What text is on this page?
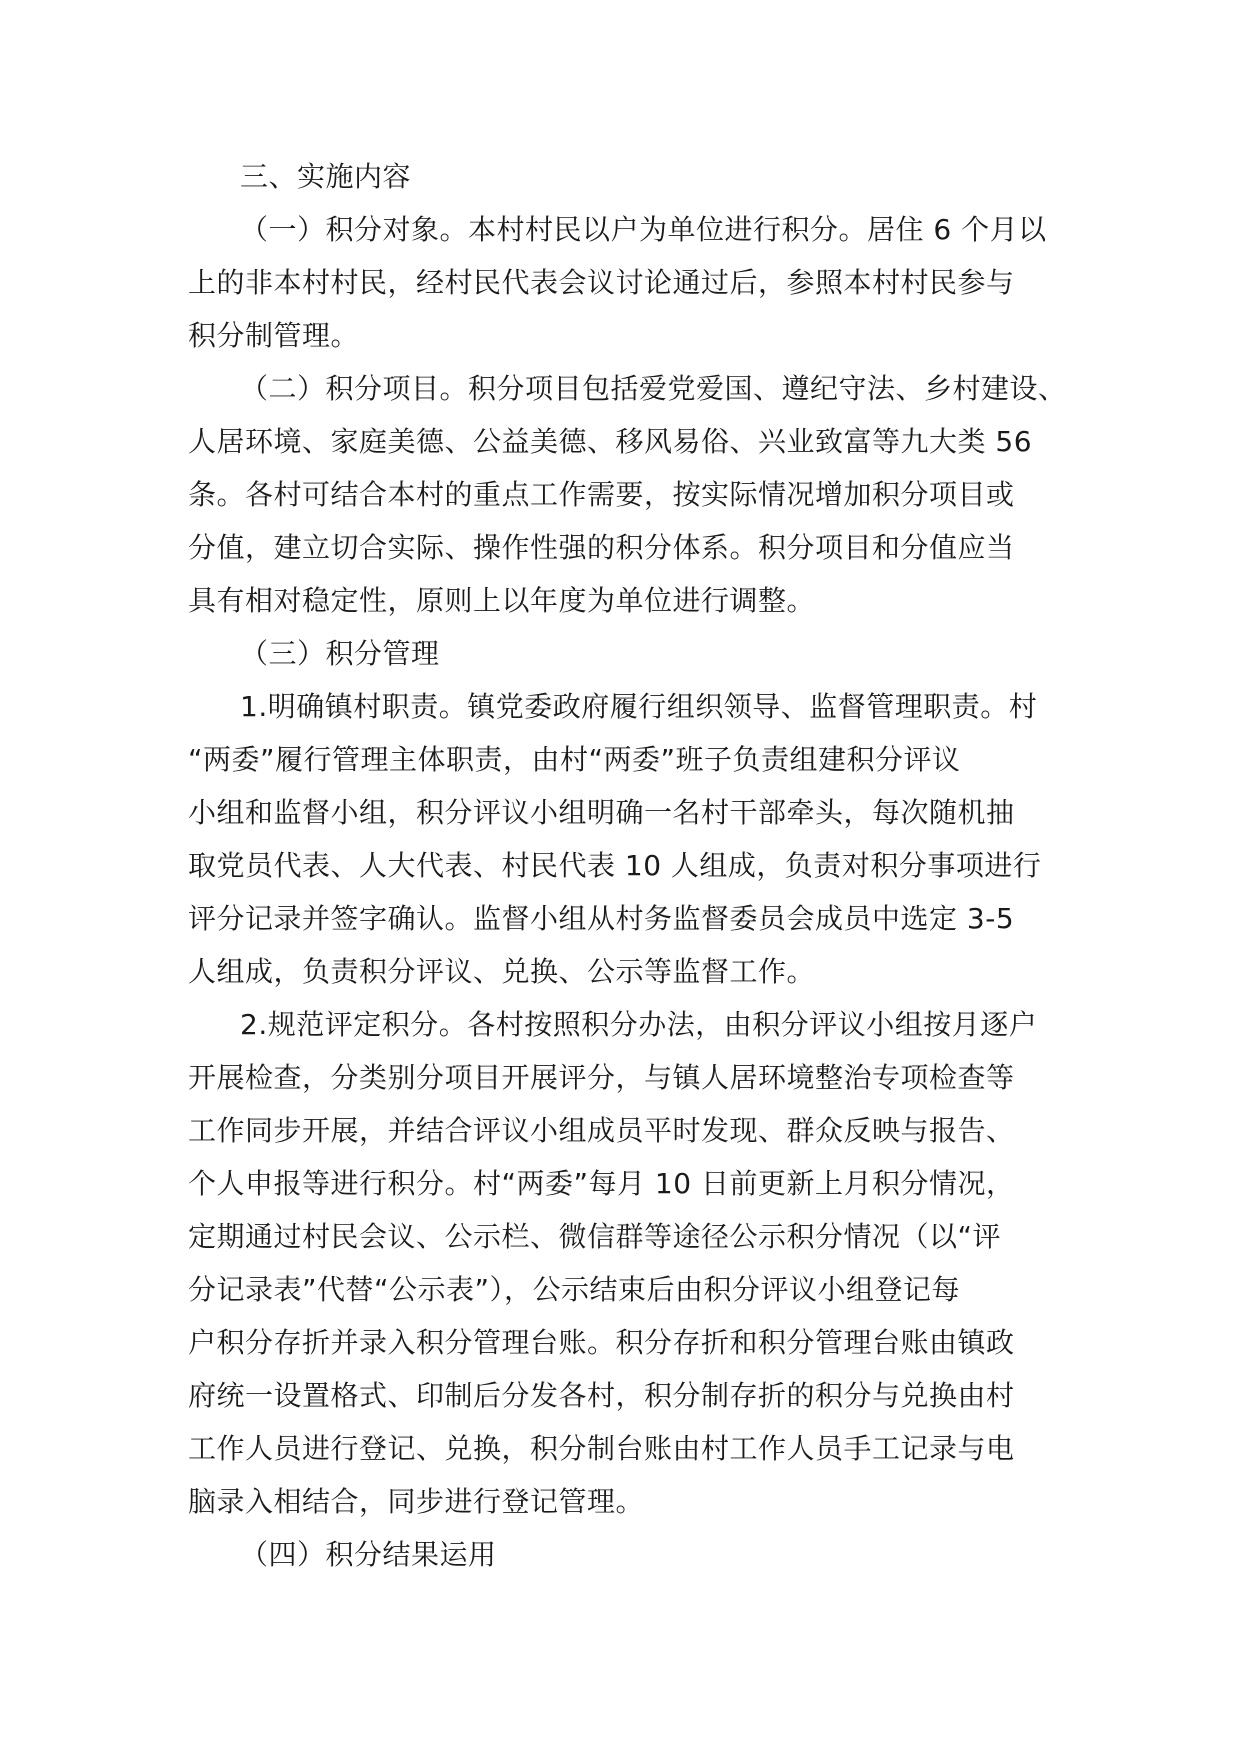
三、实施内容
（一）积分对象。本村村民以户为单位进行积分。居住 6 个月以
上的非本村村民，经村民代表会议讨论通过后，参照本村村民参与
积分制管理。
（二）积分项目。积分项目包括爱党爱国、遵纪守法、乡村建设、
人居环境、家庭美德、公益美德、移风易俗、兴业致富等九大类 56
条。各村可结合本村的重点工作需要，按实际情况增加积分项目或
分值，建立切合实际、操作性强的积分体系。积分项目和分值应当
具有相对稳定性，原则上以年度为单位进行调整。
（三）积分管理
1.明确镇村职责。镇党委政府履行组织领导、监督管理职责。村
“两委”履行管理主体职责，由村“两委”班子负责组建积分评议
小组和监督小组，积分评议小组明确一名村干部牵头，每次随机抽
取党员代表、人大代表、村民代表 10 人组成，负责对积分事项进行
评分记录并签字确认。监督小组从村务监督委员会成员中选定 3-5
人组成，负责积分评议、兑换、公示等监督工作。
2.规范评定积分。各村按照积分办法，由积分评议小组按月逐户
开展检查，分类别分项目开展评分，与镇人居环境整治专项检查等
工作同步开展，并结合评议小组成员平时发现、群众反映与报告、
个人申报等进行积分。村“两委”每月 10 日前更新上月积分情况，
定期通过村民会议、公示栏、微信群等途径公示积分情况（以“评
分记录表”代替“公示表”），公示结束后由积分评议小组登记每
户积分存折并录入积分管理台账。积分存折和积分管理台账由镇政
府统一设置格式、印制后分发各村，积分制存折的积分与兑换由村
工作人员进行登记、兑换，积分制台账由村工作人员手工记录与电
脑录入相结合，同步进行登记管理。
（四）积分结果运用
